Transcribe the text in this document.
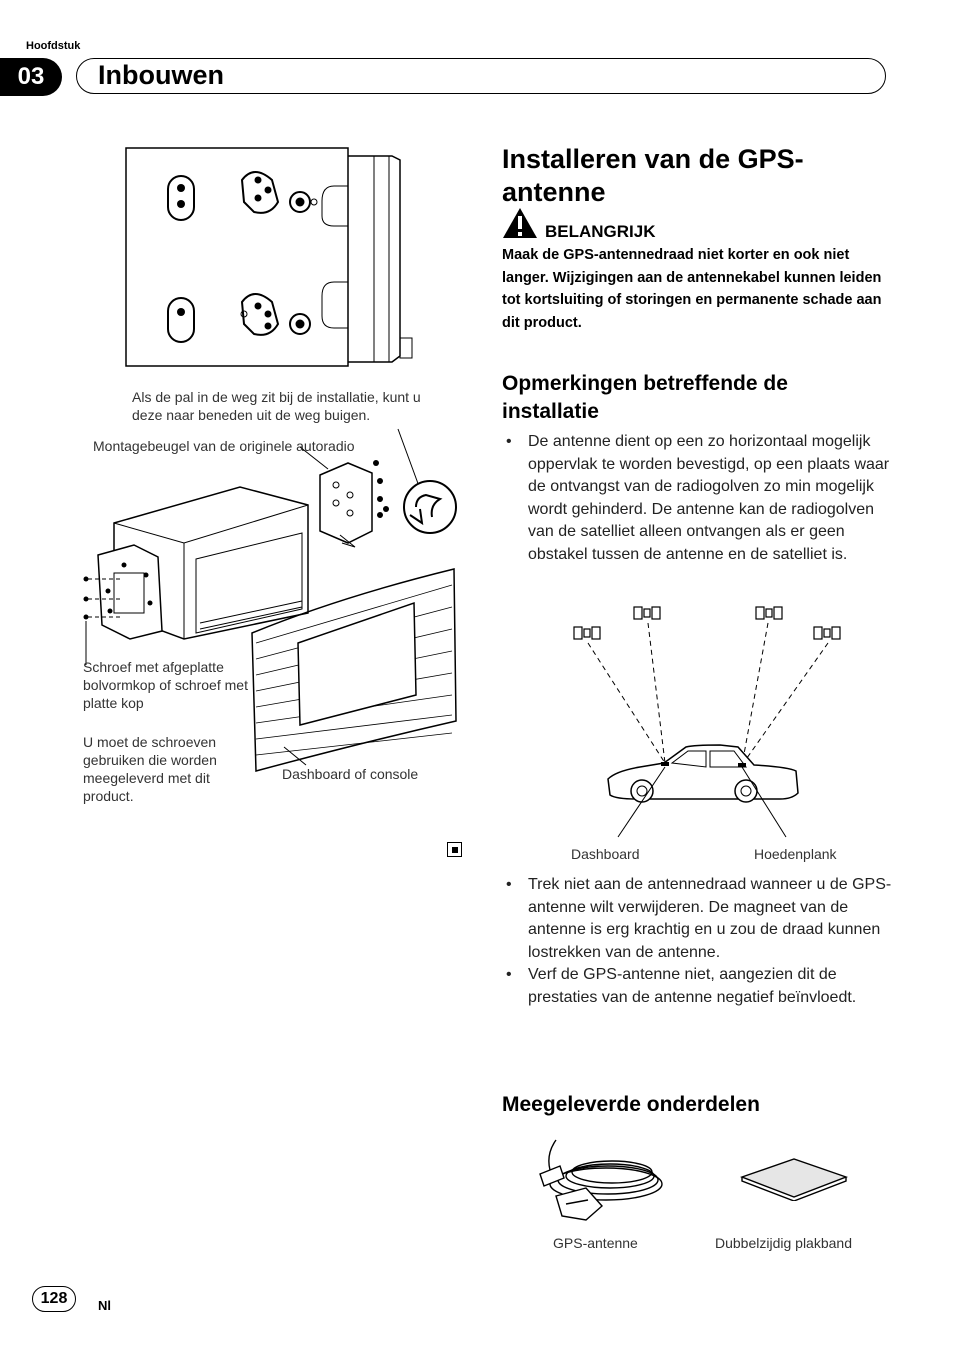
Hoofdstuk
03	Inbouwen
Als de pal in de weg zit bij de installatie, kunt u deze naar beneden uit de weg buigen.
Montagebeugel van de originele autoradio
Schroef met afgeplatte bolvormkop of schroef met platte kop
U moet de schroeven gebruiken die worden meegeleverd met dit product.
Dashboard of console
Installeren van de GPS-antenne
BELANGRIJK
Maak de GPS-antennedraad niet korter en ook niet langer. Wijzigingen aan de antennekabel kunnen leiden tot kortsluiting of storingen en permanente schade aan dit product.
Opmerkingen betreffende de installatie
• De antenne dient op een zo horizontaal mogelijk oppervlak te worden bevestigd, op een plaats waar de ontvangst van de radiogolven zo min mogelijk wordt gehinderd. De antenne kan de radiogolven van de satelliet alleen ontvangen als er geen obstakel tussen de antenne en de satelliet is.
Dashboard	Hoedenplank
• Trek niet aan de antennedraad wanneer u de GPS-antenne wilt verwijderen. De magneet van de antenne is erg krachtig en u zou de draad kunnen lostrekken van de antenne.
• Verf de GPS-antenne niet, aangezien dit de prestaties van de antenne negatief beïnvloedt.
Meegeleverde onderdelen
GPS-antenne	Dubbelzijdig plakband
128	Nl
